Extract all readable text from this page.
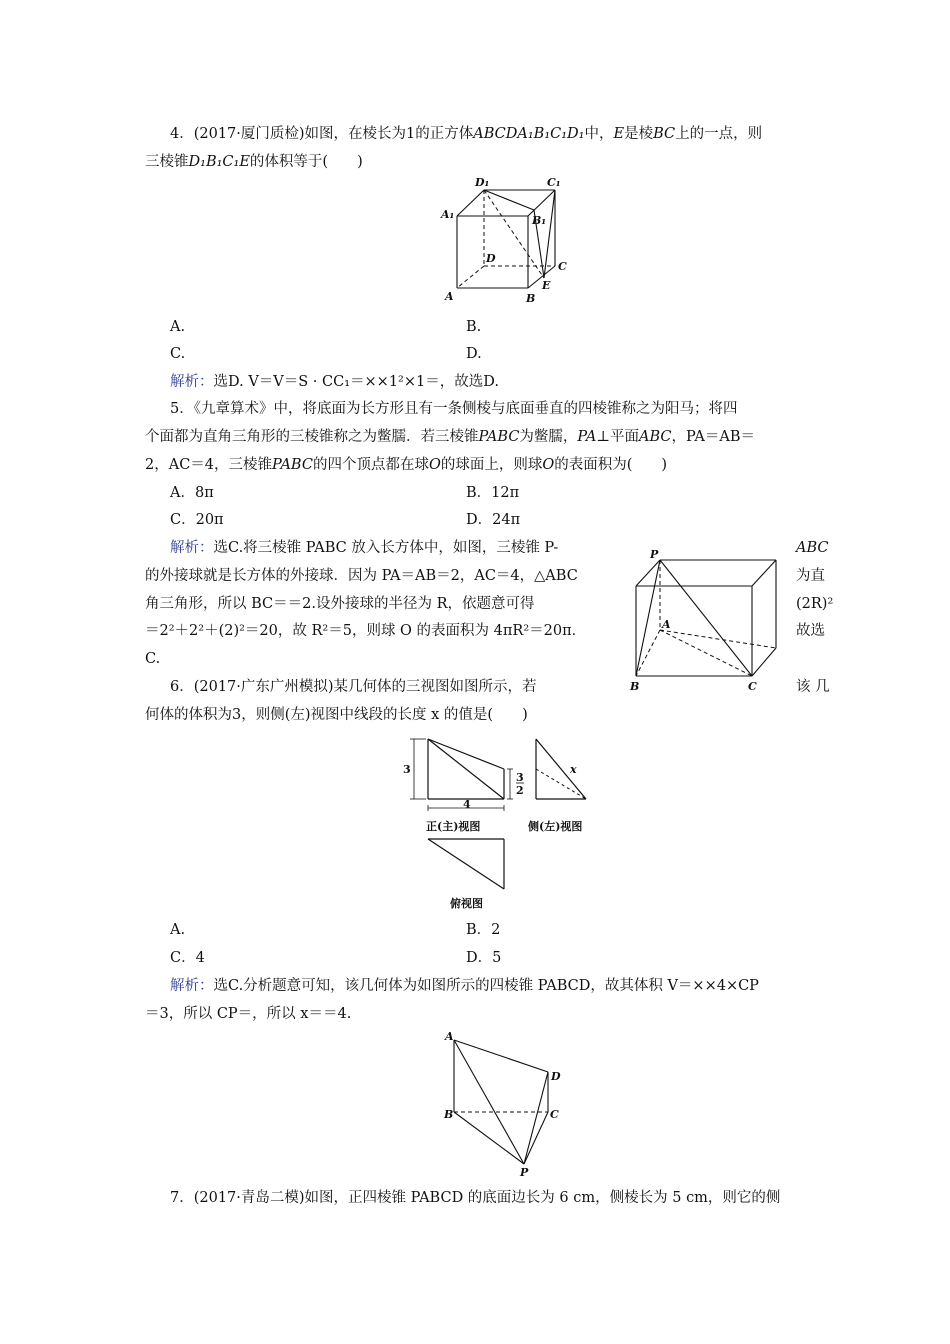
4．(2017·厦门质检)如图，在棱长为1的正方体ABCDA₁B₁C₁D₁中，E是棱BC上的一点，则
三棱锥D₁B₁C₁E的体积等于(　　)
D₁	C₁
A₁	B₁
D
C
A	B
E
A.	B.
C.	D.
解析：选D. V＝V＝S · CC₁＝××1²×1＝，故选D.
5．《九章算术》中，将底面为长方形且有一条侧棱与底面垂直的四棱锥称之为阳马；将四
个面都为直角三角形的三棱锥称之为鳖臑．若三棱锥PABC为鳖臑，PA⊥平面ABC，PA＝AB＝
2，AC＝4，三棱锥PABC的四个顶点都在球O的球面上，则球O的表面积为(　　)
A．8π	B．12π
C．20π	D．24π
解析：选C.将三棱锥 PABC 放入长方体中，如图，三棱锥 P-
的外接球就是长方体的外接球．因为 PA＝AB＝2，AC＝4，△ABC
角三角形，所以 BC＝＝2.设外接球的半径为 R，依题意可得
＝2²＋2²＋(2)²＝20，故 R²＝5，则球 O 的表面积为 4πR²＝20π．
C.
ABC
为直
(2R)²
故选
P
A
B	C
6．(2017·广东广州模拟)某几何体的三视图如图所示，若	该 几
何体的体积为3，则侧(左)视图中线段的长度 x 的值是(　　)
3
4
3
2
x
正(主)视图	侧(左)视图
俯视图
A.	B．2
C．4	D．5
解析：选C.分析题意可知，该几何体为如图所示的四棱锥 PABCD，故其体积 V＝××4×CP
＝3，所以 CP＝，所以 x＝＝4.
A
D
B	C
P
7．(2017·青岛二模)如图，正四棱锥 PABCD 的底面边长为 6 cm，侧棱长为 5 cm，则它的侧
